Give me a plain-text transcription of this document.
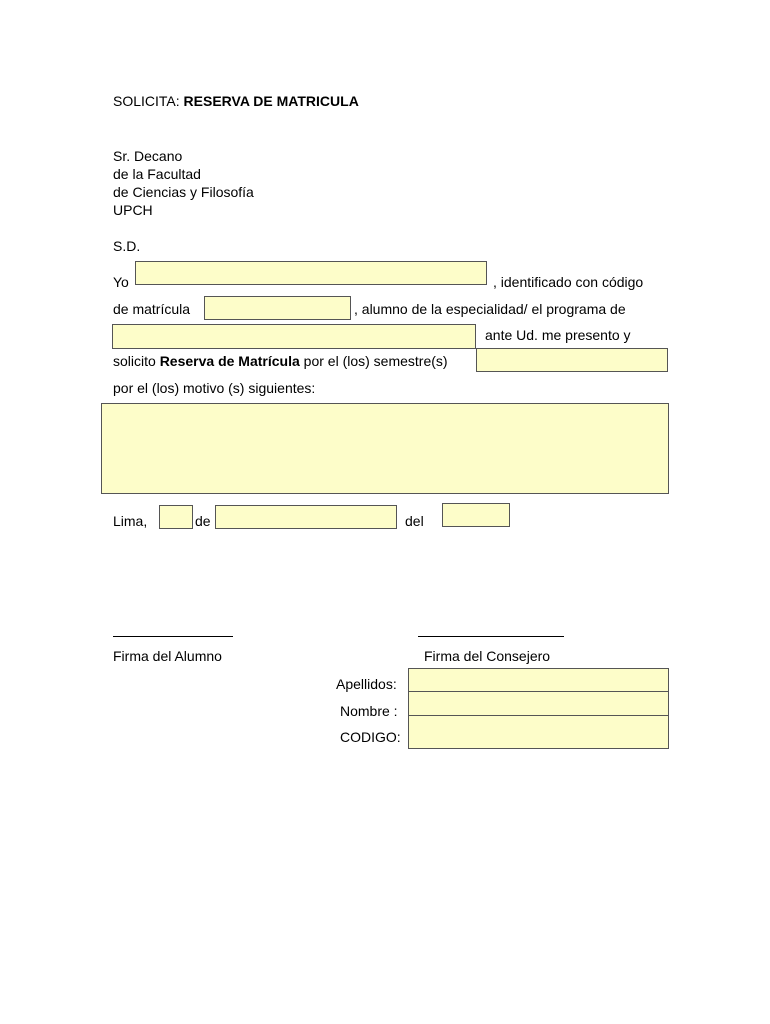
SOLICITA: RESERVA DE MATRICULA
Sr. Decano
de la Facultad
de Ciencias y Filosofía
UPCH
S.D.
Yo	, identificado con código
de matrícula	, alumno de la especialidad/ el programa de
ante Ud. me presento y
solicito Reserva de Matrícula por el (los) semestre(s)
por el (los) motivo (s) siguientes:
Lima,	de	del
Firma del Alumno	Firma del Consejero
Apellidos:
Nombre :
CODIGO:
